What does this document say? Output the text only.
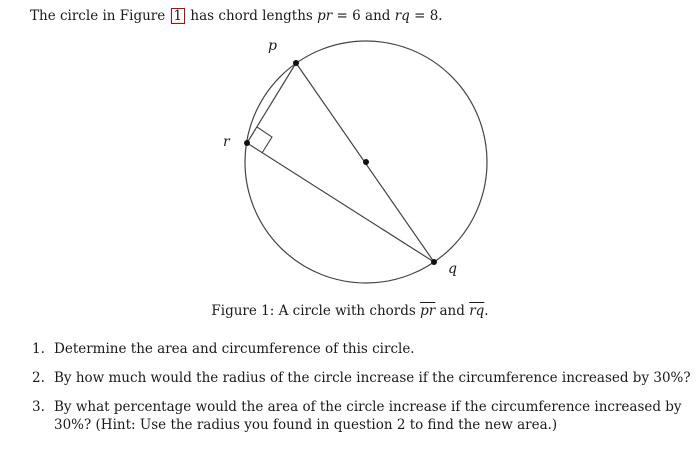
The circle in Figure 1 has chord lengths pr = 6 and rq = 8.
p
r
q
Figure 1: A circle with chords $\overline{pr}$ and $\overline{rq}$.
1. Determine the area and circumference of this circle.
2. By how much would the radius of the circle increase if the circumference increased by 30%?
3. By what percentage would the area of the circle increase if the circumference increased by 30%? (Hint: Use the radius you found in question 2 to find the new area.)
